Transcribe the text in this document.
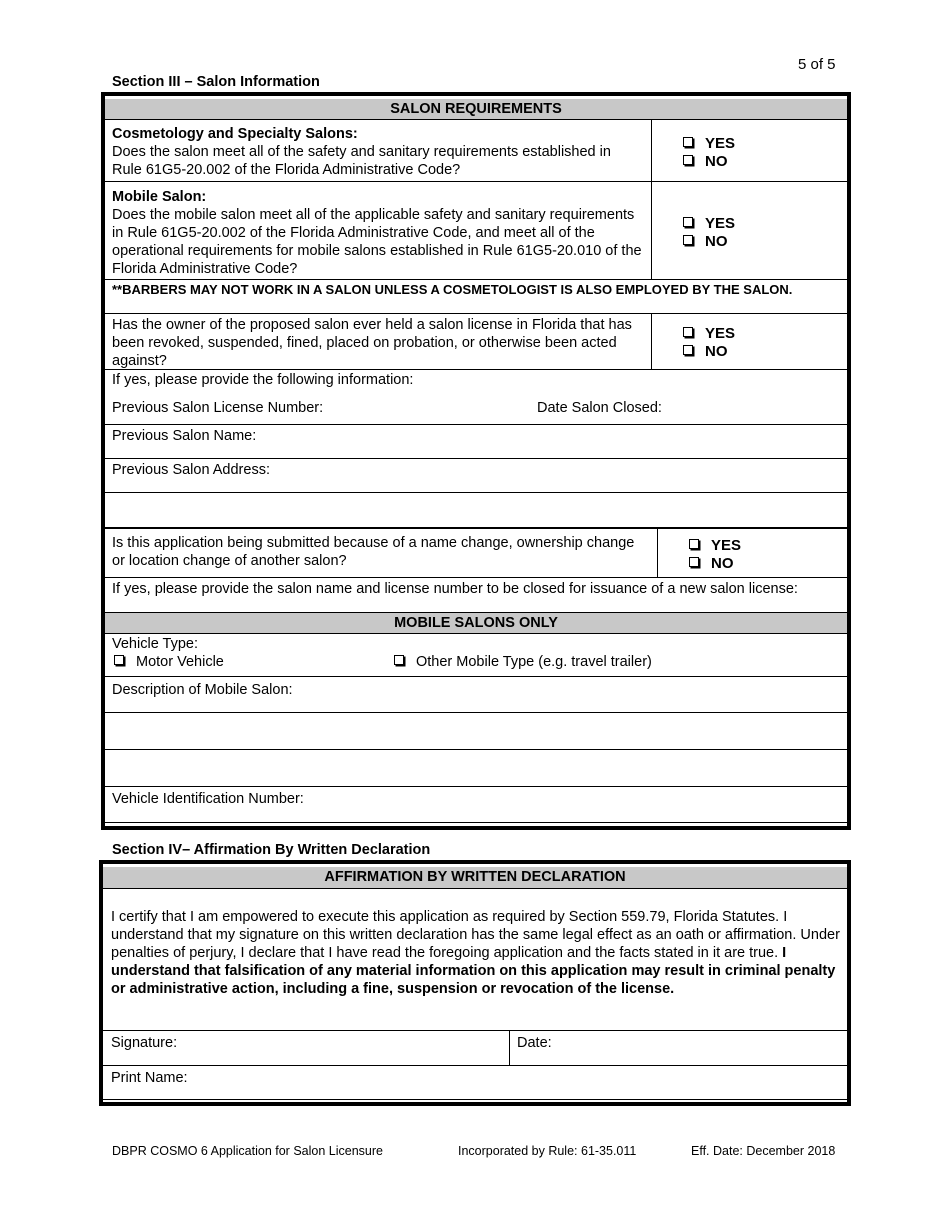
5 of 5
Section III – Salon Information
SALON REQUIREMENTS
Cosmetology and Specialty Salons:
Does the salon meet all of the safety and sanitary requirements established in Rule 61G5-20.002 of the Florida Administrative Code?
YES
NO
Mobile Salon:
Does the mobile salon meet all of the applicable safety and sanitary requirements in Rule 61G5-20.002 of the Florida Administrative Code, and meet all of the operational requirements for mobile salons established in Rule 61G5-20.010 of the Florida Administrative Code?
YES
NO
**BARBERS MAY NOT WORK IN A SALON UNLESS A COSMETOLOGIST IS ALSO EMPLOYED BY THE SALON.
Has the owner of the proposed salon ever held a salon license in Florida that has been revoked, suspended, fined, placed on probation, or otherwise been acted against?
YES
NO
If yes, please provide the following information:
Previous Salon License Number:	Date Salon Closed:
Previous Salon Name:
Previous Salon Address:
Is this application being submitted because of a name change, ownership change or location change of another salon?
YES
NO
If yes, please provide the salon name and license number to be closed for issuance of a new salon license:
MOBILE SALONS ONLY
Vehicle Type:
Motor Vehicle	Other Mobile Type (e.g. travel trailer)
Description of Mobile Salon:
Vehicle Identification Number:
Section IV– Affirmation By Written Declaration
AFFIRMATION BY WRITTEN DECLARATION
I certify that I am empowered to execute this application as required by Section 559.79, Florida Statutes. I understand that my signature on this written declaration has the same legal effect as an oath or affirmation. Under penalties of perjury, I declare that I have read the foregoing application and the facts stated in it are true. I understand that falsification of any material information on this application may result in criminal penalty or administrative action, including a fine, suspension or revocation of the license.
Signature:	Date:
Print Name:
DBPR COSMO 6 Application for Salon Licensure	Incorporated by Rule: 61-35.011	Eff. Date: December 2018
